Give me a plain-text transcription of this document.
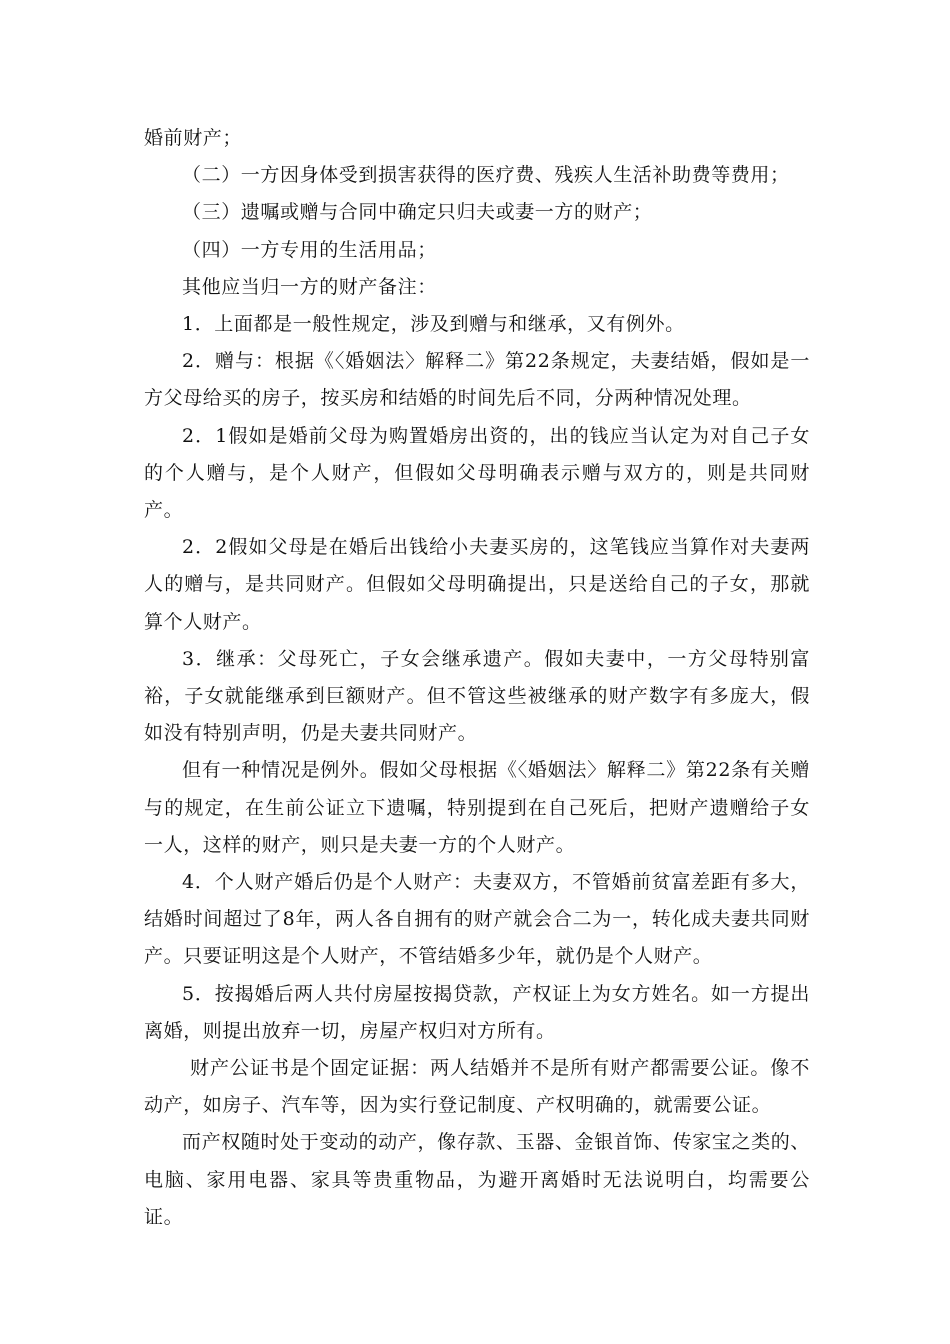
婚前财产；

（二）一方因身体受到损害获得的医疗费、残疾人生活补助费等费用；

（三）遗嘱或赠与合同中确定只归夫或妻一方的财产；

（四）一方专用的生活用品；

其他应当归一方的财产备注：

1．上面都是一般性规定，涉及到赠与和继承，又有例外。

2．赠与：根据《〈婚姻法〉解释二》第22条规定，夫妻结婚，假如是一方父母给买的房子，按买房和结婚的时间先后不同，分两种情况处理。

2．1假如是婚前父母为购置婚房出资的，出的钱应当认定为对自己子女的个人赠与，是个人财产，但假如父母明确表示赠与双方的，则是共同财产。

2．2假如父母是在婚后出钱给小夫妻买房的，这笔钱应当算作对夫妻两人的赠与，是共同财产。但假如父母明确提出，只是送给自己的子女，那就算个人财产。

3．继承：父母死亡，子女会继承遗产。假如夫妻中，一方父母特别富裕，子女就能继承到巨额财产。但不管这些被继承的财产数字有多庞大，假如没有特别声明，仍是夫妻共同财产。

但有一种情况是例外。假如父母根据《〈婚姻法〉解释二》第22条有关赠与的规定，在生前公证立下遗嘱，特别提到在自己死后，把财产遗赠给子女一人，这样的财产，则只是夫妻一方的个人财产。

4．个人财产婚后仍是个人财产：夫妻双方，不管婚前贫富差距有多大，结婚时间超过了8年，两人各自拥有的财产就会合二为一，转化成夫妻共同财产。只要证明这是个人财产，不管结婚多少年，就仍是个人财产。

5．按揭婚后两人共付房屋按揭贷款，产权证上为女方姓名。如一方提出离婚，则提出放弃一切，房屋产权归对方所有。

财产公证书是个固定证据：两人结婚并不是所有财产都需要公证。像不动产，如房子、汽车等，因为实行登记制度、产权明确的，就需要公证。

而产权随时处于变动的动产，像存款、玉器、金银首饰、传家宝之类的、电脑、家用电器、家具等贵重物品，为避开离婚时无法说明白，均需要公证。
